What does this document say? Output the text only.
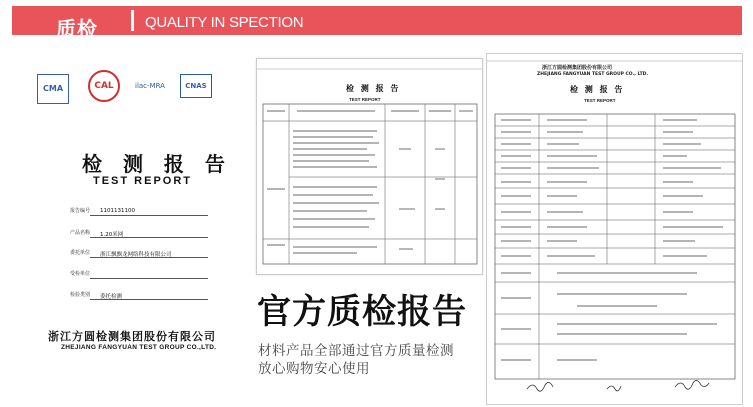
质检	QUALITY IN SPECTION
CMA	CAL	ilac-MRA	CNAS
检 测 报 告
TEST REPORT
报告编号 1101131100
产品名称 1.20米网
委托单位 浙江飘飘龙网络科技有限公司
受检单位
检验类别 委托检测
浙江方圆检测集团股份有限公司
ZHEJIANG FANGYUAN TEST GROUP CO.,LTD.
检 测 报 告
TEST REPORT
浙江方圆检测集团股份有限公司
ZHEJIANG FANGYUAN TEST GROUP CO., LTD.
检 测 报 告
TEST REPORT
官方质检报告
材料产品全部通过官方质量检测
放心购物安心使用
